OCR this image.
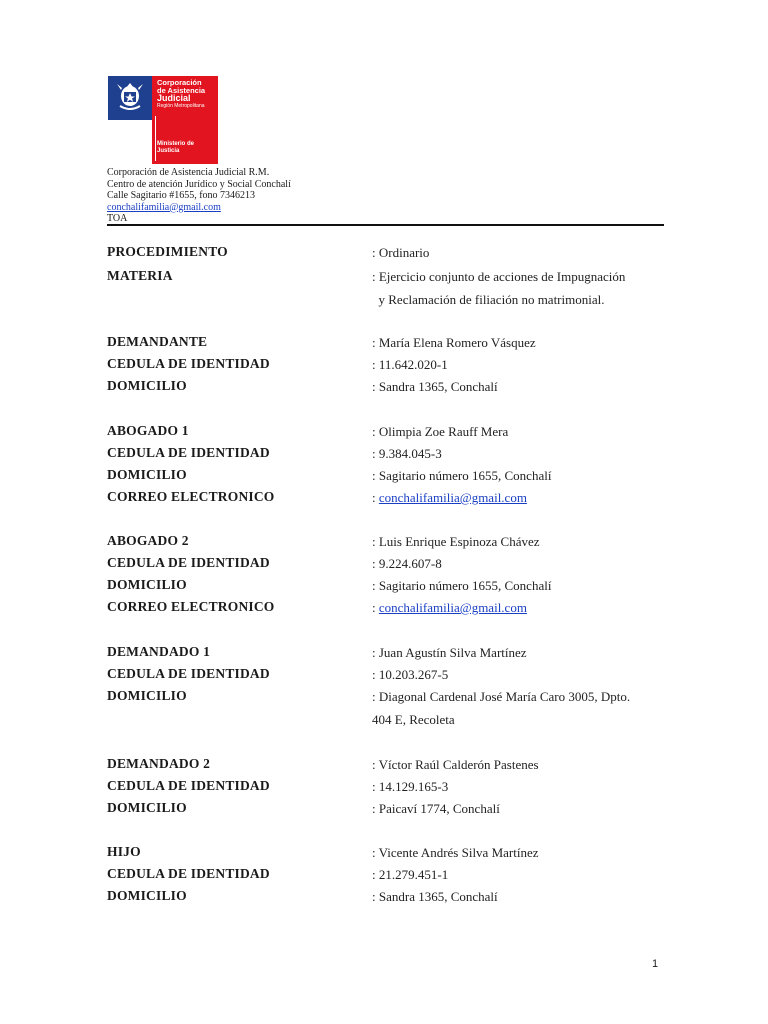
Corporación
de Asistencia
Judicial
Región Metropolitana
Ministerio de
Justicia
Corporación de Asistencia Judicial R.M.
Centro de atención Jurídico y Social Conchalí
Calle Sagitario #1655, fono 7346213
conchalifamilia@gmail.com
TOA
PROCEDIMIENTO	: Ordinario
MATERIA	: Ejercicio conjunto de acciones de Impugnación
y Reclamación de filiación no matrimonial.
DEMANDANTE	: María Elena Romero Vásquez
CEDULA DE IDENTIDAD	: 11.642.020-1
DOMICILIO	: Sandra 1365, Conchalí
ABOGADO 1	: Olimpia Zoe Rauff Mera
CEDULA DE IDENTIDAD	: 9.384.045-3
DOMICILIO	: Sagitario número 1655, Conchalí
CORREO ELECTRONICO	: conchalifamilia@gmail.com
ABOGADO 2	: Luis Enrique Espinoza Chávez
CEDULA DE IDENTIDAD	: 9.224.607-8
DOMICILIO	: Sagitario número 1655, Conchalí
CORREO ELECTRONICO	: conchalifamilia@gmail.com
DEMANDADO 1	: Juan Agustín Silva Martínez
CEDULA DE IDENTIDAD	: 10.203.267-5
DOMICILIO	: Diagonal Cardenal José María Caro 3005, Dpto.
404 E, Recoleta
DEMANDADO 2	: Víctor Raúl Calderón Pastenes
CEDULA DE IDENTIDAD	: 14.129.165-3
DOMICILIO	: Paicaví 1774, Conchalí
HIJO	: Vicente Andrés Silva Martínez
CEDULA DE IDENTIDAD	: 21.279.451-1
DOMICILIO	: Sandra 1365, Conchalí
1
